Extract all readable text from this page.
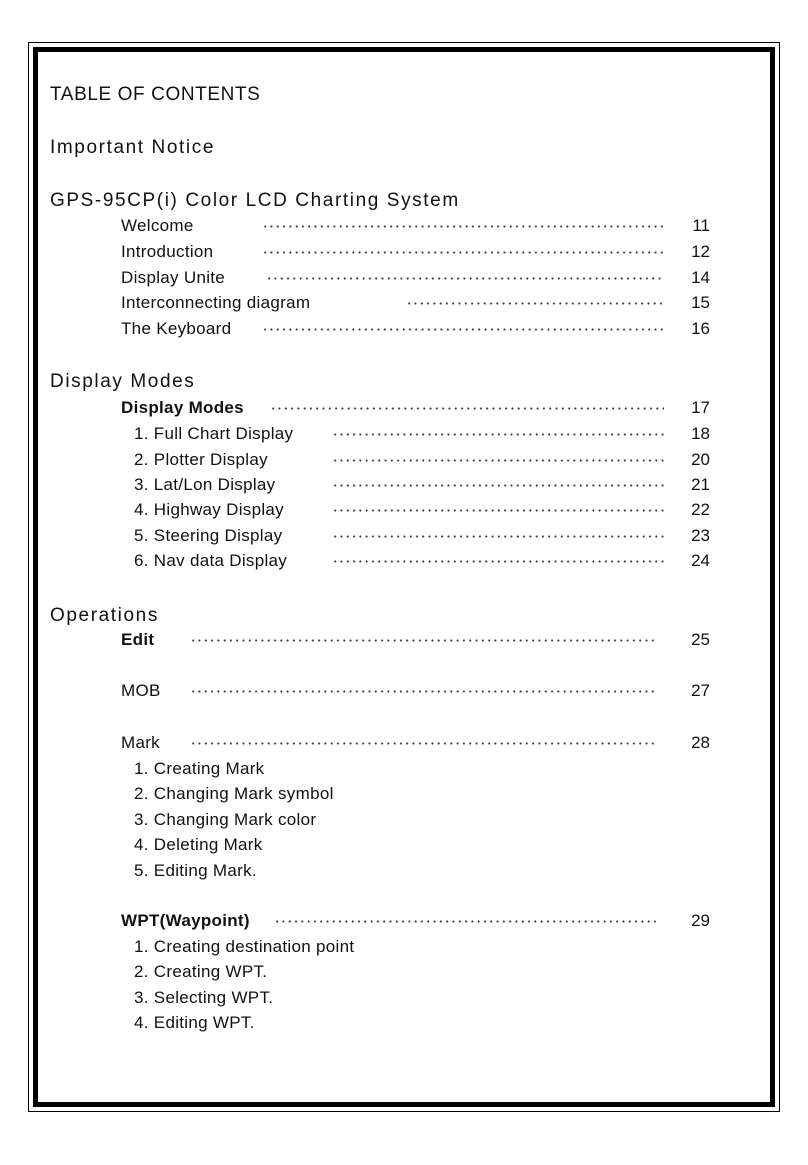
TABLE OF CONTENTS
Important Notice
GPS-95CP(i) Color LCD Charting System
Welcome	11
Introduction	12
Display Unite	14
Interconnecting diagram	15
The Keyboard	16
Display Modes
Display Modes	17
1. Full Chart Display	18
2. Plotter Display	20
3. Lat/Lon Display	21
4. Highway Display	22
5. Steering Display	23
6. Nav data Display	24
Operations
Edit	25
MOB	27
Mark	28
1. Creating Mark
2. Changing Mark symbol
3. Changing Mark color
4. Deleting Mark
5. Editing Mark.
WPT(Waypoint)	29
1. Creating destination point
2. Creating WPT.
3. Selecting WPT.
4. Editing WPT.
